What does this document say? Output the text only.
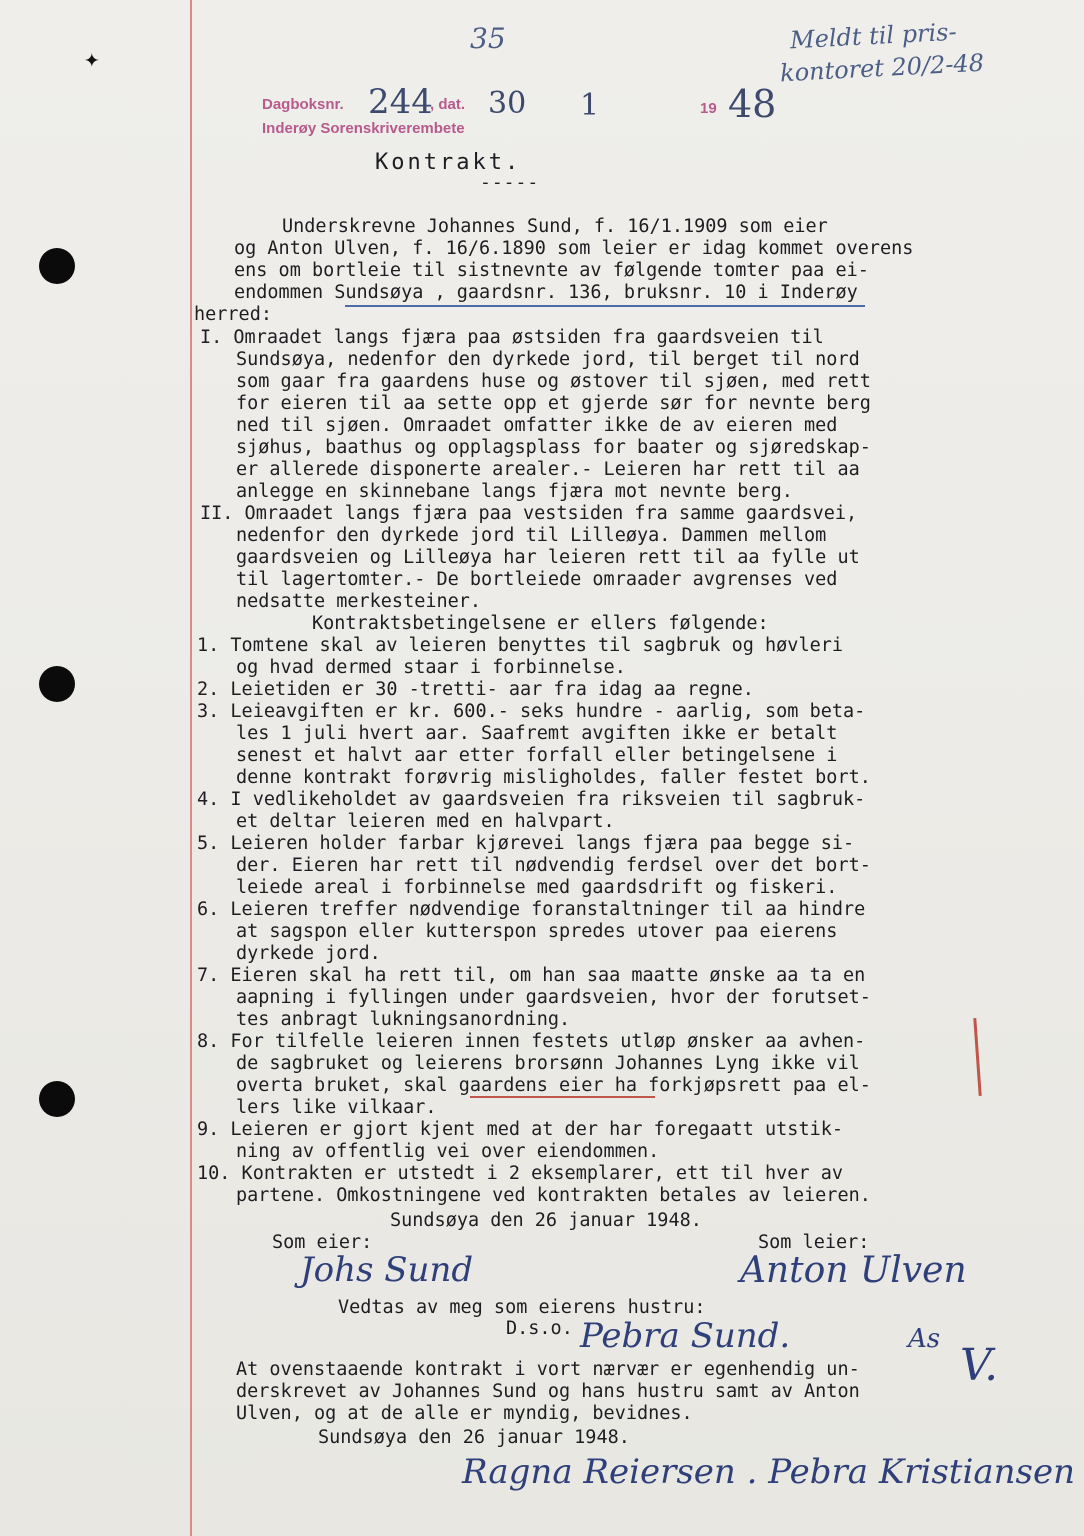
✦
35	Meldt til pris-
kontoret 20/2-48
Dagboksnr. 244
, dat. 30 1	19 48
Inderøy Sorenskriverembete
Kontrakt.
-----
Underskrevne Johannes Sund, f. 16/1.1909 som eier
og Anton Ulven, f. 16/6.1890 som leier er idag kommet overens
ens om bortleie til sistnevnte av følgende tomter paa ei-
endommen Sundsøya , gaardsnr. 136, bruksnr. 10 i Inderøy
herred:
I. Omraadet langs fjæra paa østsiden fra gaardsveien til
Sundsøya, nedenfor den dyrkede jord, til berget til nord
som gaar fra gaardens huse og østover til sjøen, med rett
for eieren til aa sette opp et gjerde sør for nevnte berg
ned til sjøen. Omraadet omfatter ikke de av eieren med
sjøhus, baathus og opplagsplass for baater og sjøredskap-
er allerede disponerte arealer.- Leieren har rett til aa
anlegge en skinnebane langs fjæra mot nevnte berg.
II. Omraadet langs fjæra paa vestsiden fra samme gaardsvei,
nedenfor den dyrkede jord til Lilleøya. Dammen mellom
gaardsveien og Lilleøya har leieren rett til aa fylle ut
til lagertomter.- De bortleiede omraader avgrenses ved
nedsatte merkesteiner.
Kontraktsbetingelsene er ellers følgende:
1. Tomtene skal av leieren benyttes til sagbruk og høvleri
og hvad dermed staar i forbinnelse.
2. Leietiden er 30 -tretti- aar fra idag aa regne.
3. Leieavgiften er kr. 600.- seks hundre - aarlig, som beta-
les 1 juli hvert aar. Saafremt avgiften ikke er betalt
senest et halvt aar etter forfall eller betingelsene i
denne kontrakt forøvrig misligholdes, faller festet bort.
4. I vedlikeholdet av gaardsveien fra riksveien til sagbruk-
et deltar leieren med en halvpart.
5. Leieren holder farbar kjørevei langs fjæra paa begge si-
der. Eieren har rett til nødvendig ferdsel over det bort-
leiede areal i forbinnelse med gaardsdrift og fiskeri.
6. Leieren treffer nødvendige foranstaltninger til aa hindre
at sagspon eller kutterspon spredes utover paa eierens
dyrkede jord.
7. Eieren skal ha rett til, om han saa maatte ønske aa ta en
aapning i fyllingen under gaardsveien, hvor der forutset-
tes anbragt lukningsanordning.
8. For tilfelle leieren innen festets utløp ønsker aa avhen-
de sagbruket og leierens brorsønn Johannes Lyng ikke vil
overta bruket, skal gaardens eier ha forkjøpsrett paa el-
lers like vilkaar.
9. Leieren er gjort kjent med at der har foregaatt utstik-
ning av offentlig vei over eiendommen.
10. Kontrakten er utstedt i 2 eksemplarer, ett til hver av
partene. Omkostningene ved kontrakten betales av leieren.
Sundsøya den 26 januar 1948.
Som eier:	Som leier:
Johs Sund	Anton Ulven
Vedtas av meg som eierens hustru:
D.s.o. Pebra Sund.	As
V.
At ovenstaaende kontrakt i vort nærvær er egenhendig un-
derskrevet av Johannes Sund og hans hustru samt av Anton
Ulven, og at de alle er myndig, bevidnes.
Sundsøya den 26 januar 1948.
Ragna Reiersen . Pebra Kristiansen
